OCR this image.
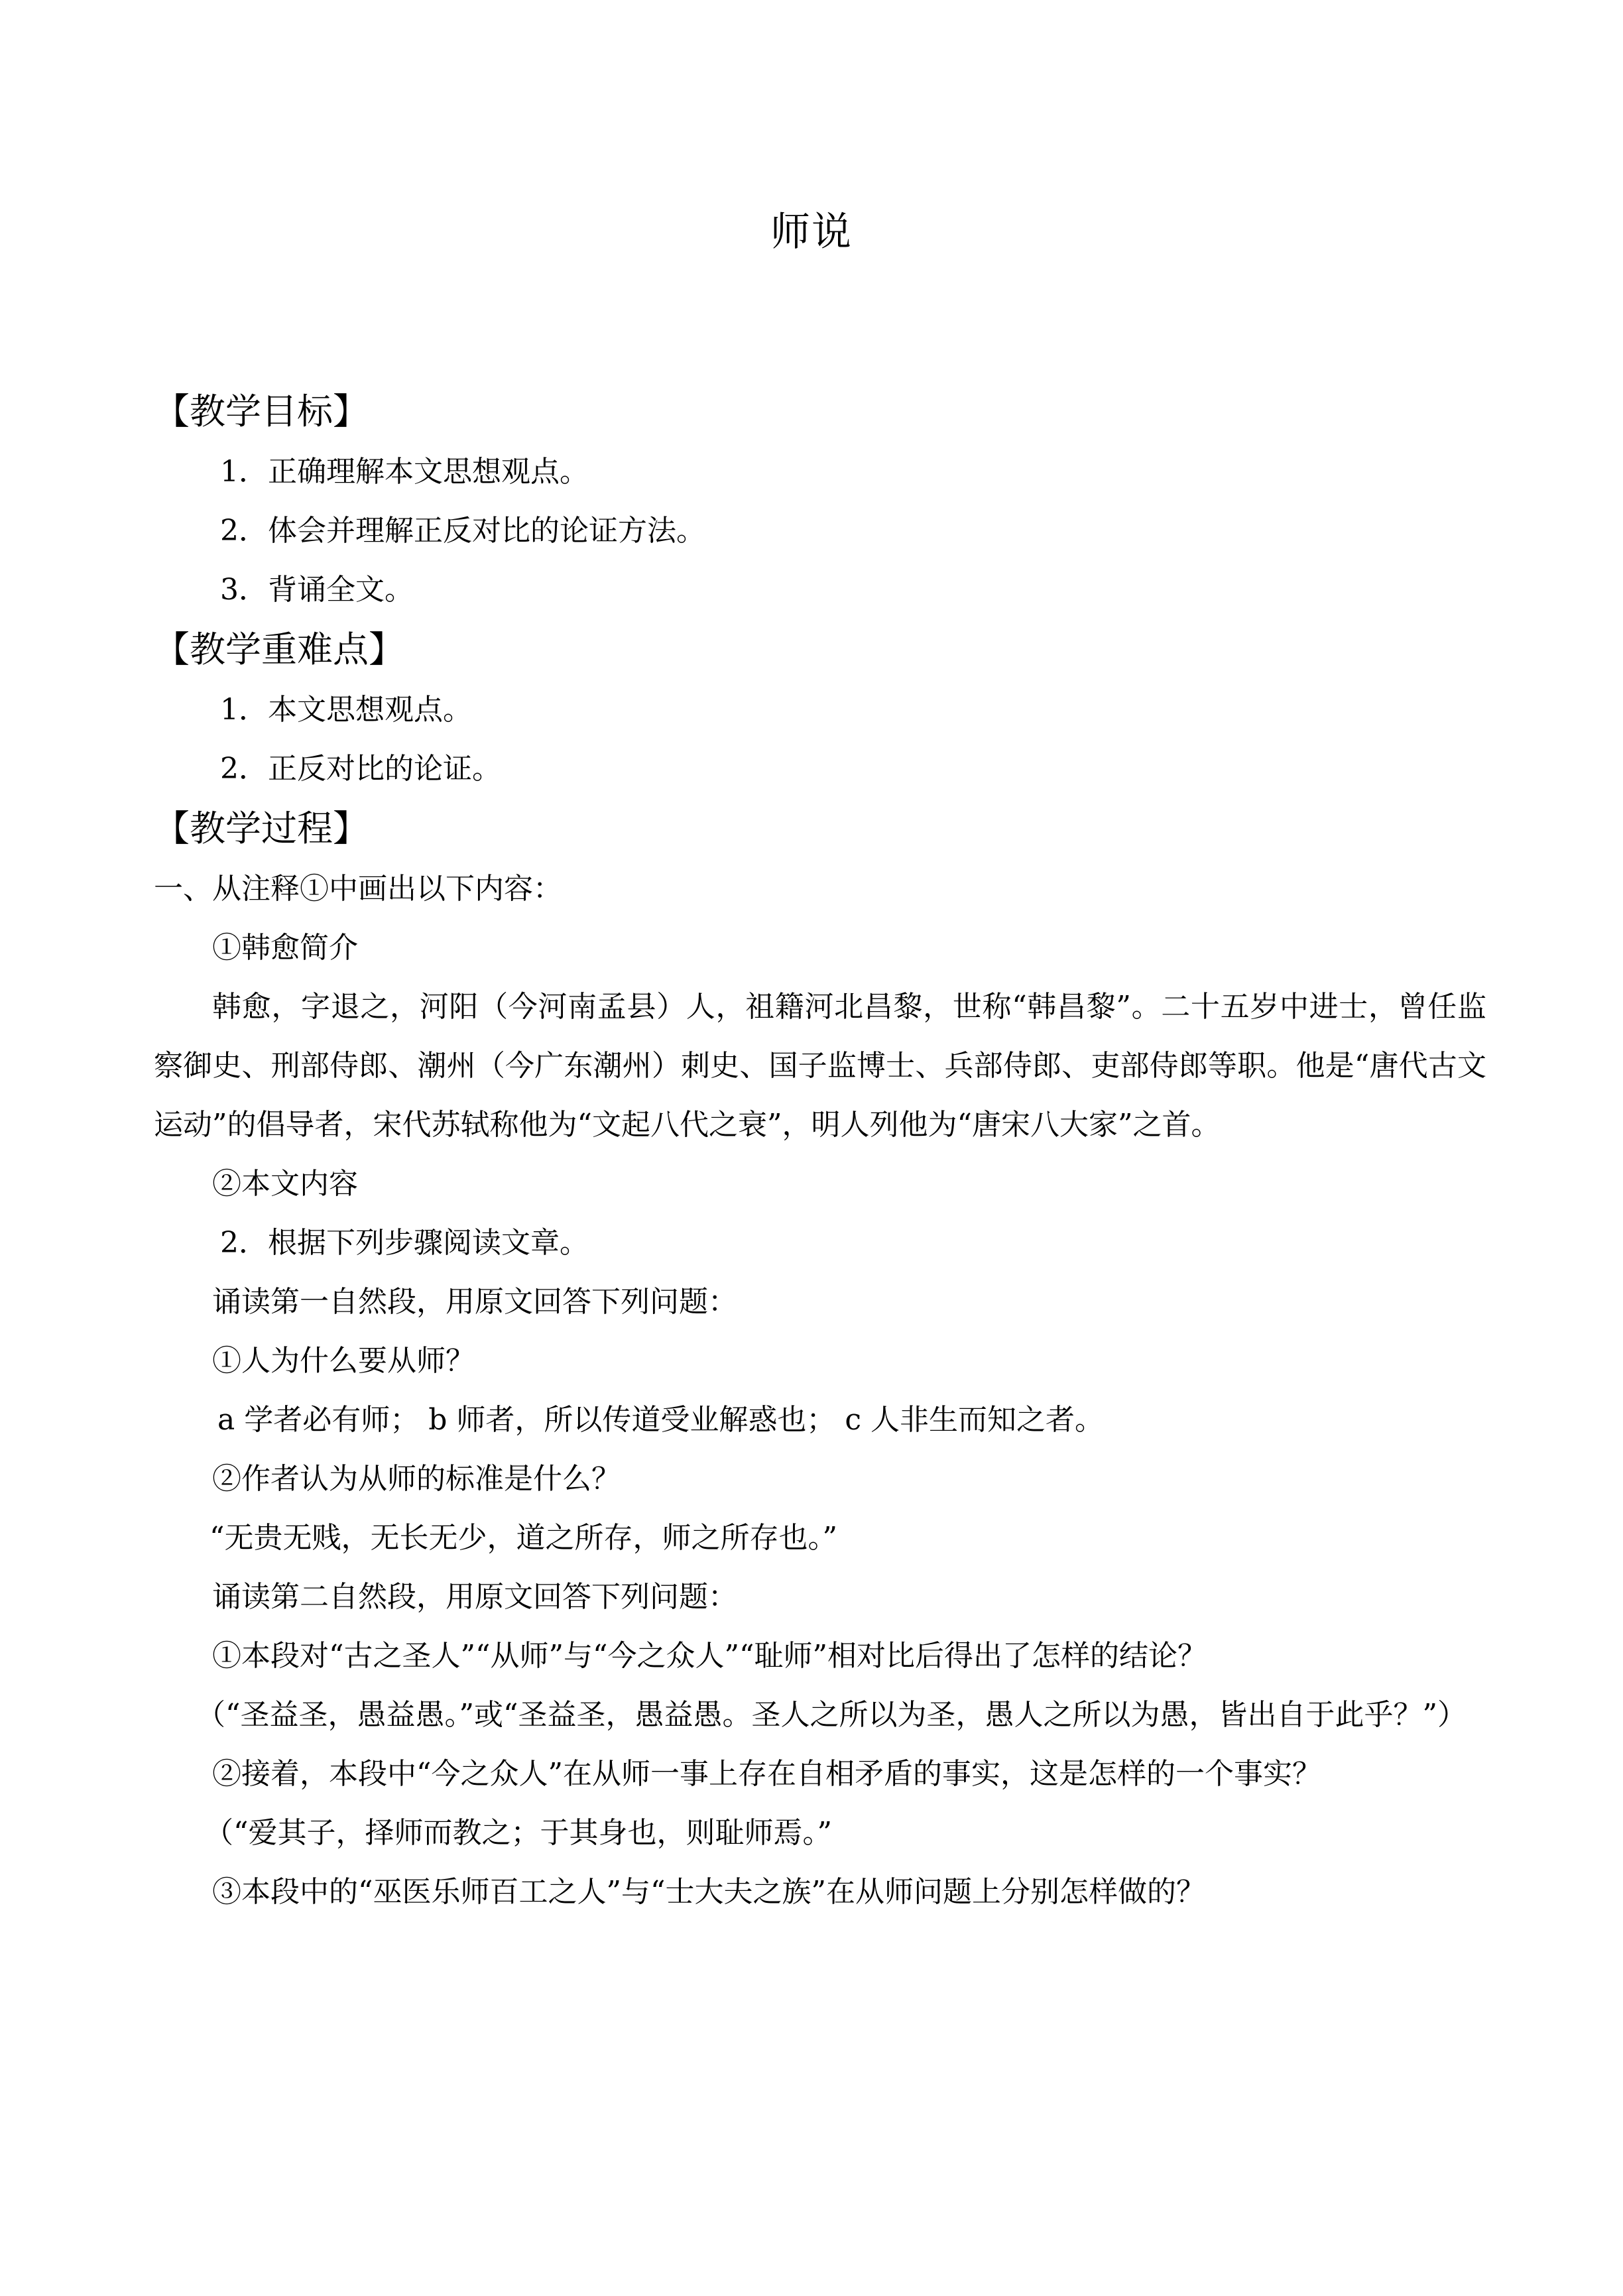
师说
【教学目标】
1．正确理解本文思想观点。
2．体会并理解正反对比的论证方法。
3．背诵全文。
【教学重难点】
1．本文思想观点。
2．正反对比的论证。
【教学过程】
一、从注释①中画出以下内容：
①韩愈简介

韩愈，字退之，河阳（今河南孟县）人，祖籍河北昌黎，世称“韩昌黎”。二十五岁中进士，曾任监察御史、刑部侍郎、潮州（今广东潮州）刺史、国子监博士、兵部侍郎、吏部侍郎等职。他是“唐代古文运动”的倡导者，宋代苏轼称他为“文起八代之衰”，明人列他为“唐宋八大家”之首。

②本文内容
2．根据下列步骤阅读文章。
诵读第一自然段，用原文回答下列问题：
①人为什么要从师？
a 学者必有师； b 师者，所以传道受业解惑也； c 人非生而知之者。
②作者认为从师的标准是什么？
“无贵无贱，无长无少，道之所存，师之所存也。”
诵读第二自然段，用原文回答下列问题：
①本段对“古之圣人”“从师”与“今之众人”“耻师”相对比后得出了怎样的结论？

（“圣益圣，愚益愚。”或“圣益圣，愚益愚。圣人之所以为圣，愚人之所以为愚，皆出自于此乎？”）

②接着，本段中“今之众人”在从师一事上存在自相矛盾的事实，这是怎样的一个事实？
（“爱其子，择师而教之；于其身也，则耻师焉。”
③本段中的“巫医乐师百工之人”与“士大夫之族”在从师问题上分别怎样做的？
